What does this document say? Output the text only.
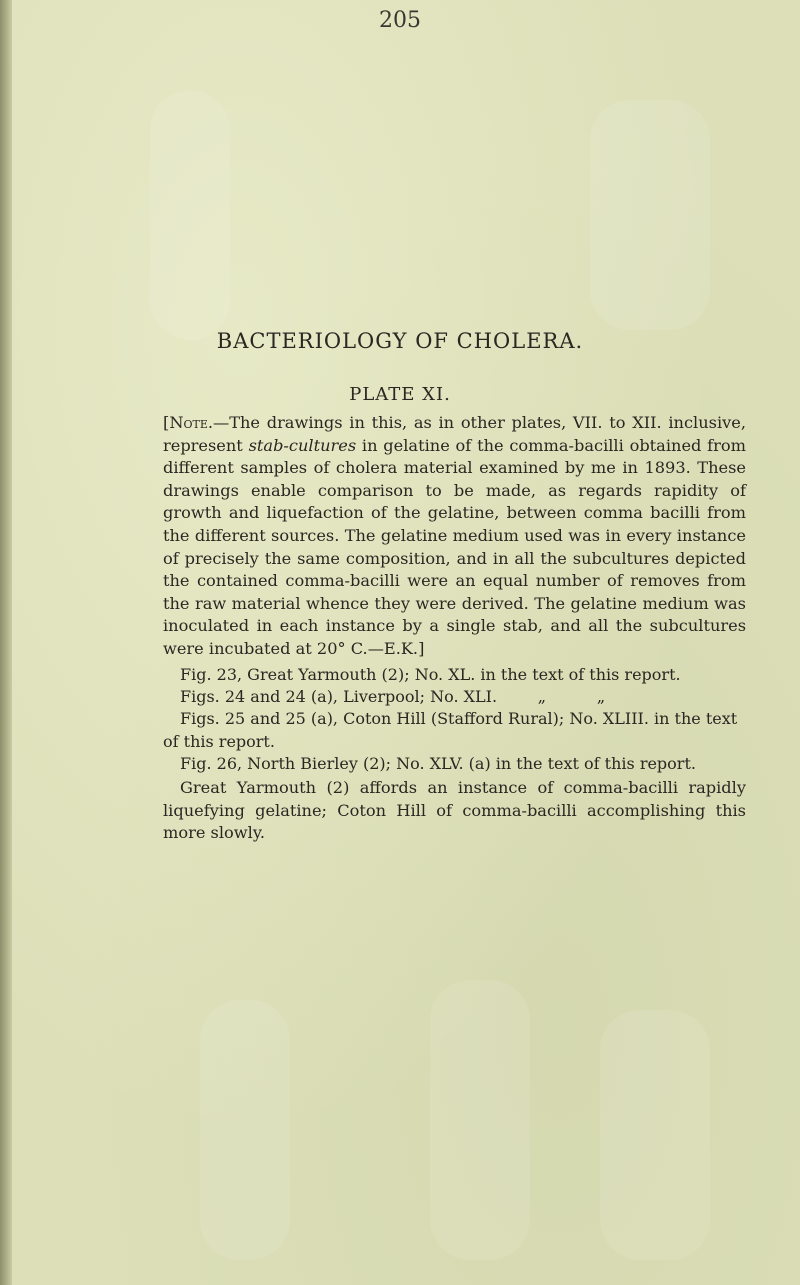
205
BACTERIOLOGY OF CHOLERA.
PLATE XI.
[Note.—The drawings in this, as in other plates, VII. to XII. inclusive, represent stab-cultures in gelatine of the comma-bacilli obtained from different samples of cholera material examined by me in 1893. These drawings enable comparison to be made, as regards rapidity of growth and liquefaction of the gelatine, between comma bacilli from the different sources. The gelatine medium used was in every instance of precisely the same composition, and in all the subcultures depicted the contained comma-bacilli were an equal number of removes from the raw material whence they were derived. The gelatine medium was inoculated in each instance by a single stab, and all the subcultures were incubated at 20° C.—E.K.]
Fig. 23, Great Yarmouth (2); No. XL. in the text of this report.
Figs. 24 and 24 (a), Liverpool; No. XLI.        „          „
Figs. 25 and 25 (a), Coton Hill (Stafford Rural); No. XLIII. in the text of this report.
Fig. 26, North Bierley (2); No. XLV. (a) in the text of this report.
Great Yarmouth (2) affords an instance of comma-bacilli rapidly liquefying gelatine; Coton Hill of comma-bacilli accomplishing this more slowly.
